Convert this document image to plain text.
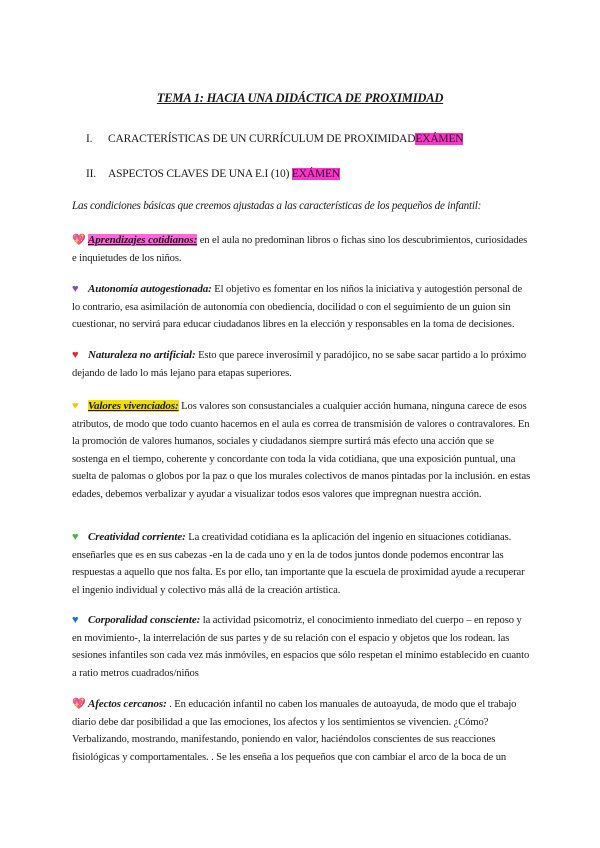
TEMA 1: HACIA UNA DIDÁCTICA DE PROXIMIDAD
I. CARACTERÍSTICAS DE UN CURRÍCULUM DE PROXIMIDADEXÁMEN
II. ASPECTOS CLAVES DE UNA E.I (10) EXÁMEN
Las condiciones básicas que creemos ajustadas a las características de los pequeños de infantil:
💖 Aprendizajes cotidianos: en el aula no predominan libros o fichas sino los descubrimientos, curiosidades e inquietudes de los niños.
♥ Autonomía autogestionada: El objetivo es fomentar en los niños la iniciativa y autogestión personal de lo contrario, esa asimilación de autonomía con obediencia, docilidad o con el seguimiento de un guion sin cuestionar, no servirá para educar ciudadanos libres en la elección y responsables en la toma de decisiones.
♥ Naturaleza no artificial: Esto que parece inverosímil y paradójico, no se sabe sacar partido a lo próximo dejando de lado lo más lejano para etapas superiores.
♥ Valores vivenciados: Los valores son consustanciales a cualquier acción humana, ninguna carece de esos atributos, de modo que todo cuanto hacemos en el aula es correa de transmisión de valores o contravalores. En la promoción de valores humanos, sociales y ciudadanos siempre surtirá más efecto una acción que se sostenga en el tiempo, coherente y concordante con toda la vida cotidiana, que una exposición puntual, una suelta de palomas o globos por la paz o que los murales colectivos de manos pintadas por la inclusión. en estas edades, debemos verbalizar y ayudar a visualizar todos esos valores que impregnan nuestra acción.
♥ Creatividad corriente: La creatividad cotidiana es la aplicación del ingenio en situaciones cotidianas. enseñarles que es en sus cabezas -en la de cada uno y en la de todos juntos donde podemos encontrar las respuestas a aquello que nos falta. Es por ello, tan importante que la escuela de proximidad ayude a recuperar el ingenio individual y colectivo más allá de la creación artística.
♥ Corporalidad consciente: la actividad psicomotriz, el conocimiento inmediato del cuerpo – en reposo y en movimiento-, la interrelación de sus partes y de su relación con el espacio y objetos que los rodean. las sesiones infantiles son cada vez más inmóviles, en espacios que sólo respetan el mínimo establecido en cuanto a ratio metros cuadrados/niños
💖 Afectos cercanos: . En educación infantil no caben los manuales de autoayuda, de modo que el trabajo diario debe dar posibilidad a que las emociones, los afectos y los sentimientos se vivencien. ¿Cómo? Verbalizando, mostrando, manifestando, poniendo en valor, haciéndolos conscientes de sus reacciones fisiológicas y comportamentales. . Se les enseña a los pequeños que con cambiar el arco de la boca de un
